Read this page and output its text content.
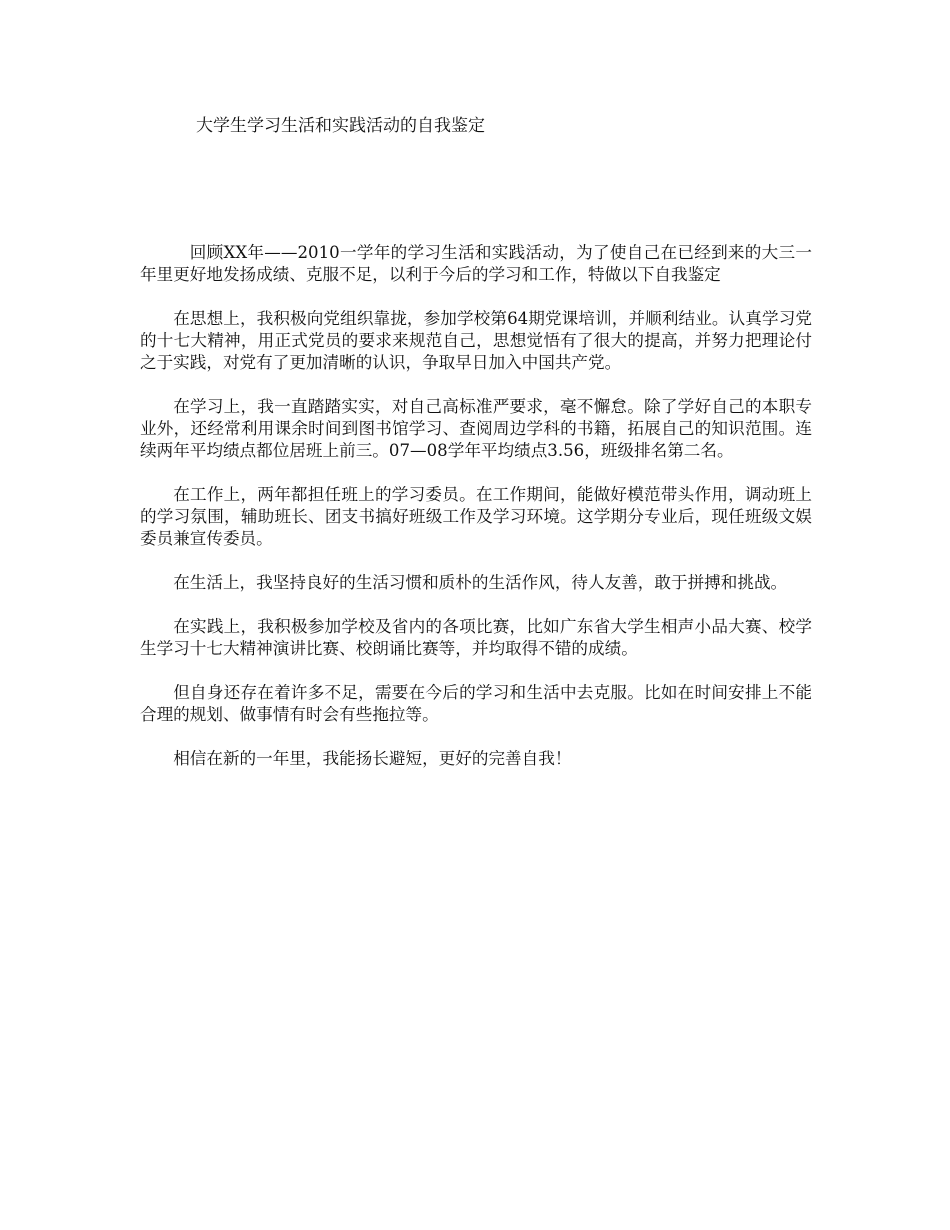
大学生学习生活和实践活动的自我鉴定

回顾XX年——2010一学年的学习生活和实践活动，为了使自己在已经到来的大三一年里更好地发扬成绩、克服不足，以利于今后的学习和工作，特做以下自我鉴定

在思想上，我积极向党组织靠拢，参加学校第64期党课培训，并顺利结业。认真学习党的十七大精神，用正式党员的要求来规范自己，思想觉悟有了很大的提高，并努力把理论付之于实践，对党有了更加清晰的认识，争取早日加入中国共产党。

在学习上，我一直踏踏实实，对自己高标准严要求，毫不懈怠。除了学好自己的本职专业外，还经常利用课余时间到图书馆学习、查阅周边学科的书籍，拓展自己的知识范围。连续两年平均绩点都位居班上前三。07—08学年平均绩点3.56，班级排名第二名。

在工作上，两年都担任班上的学习委员。在工作期间，能做好模范带头作用，调动班上的学习氛围，辅助班长、团支书搞好班级工作及学习环境。这学期分专业后，现任班级文娱委员兼宣传委员。

在生活上，我坚持良好的生活习惯和质朴的生活作风，待人友善，敢于拼搏和挑战。

在实践上，我积极参加学校及省内的各项比赛，比如广东省大学生相声小品大赛、校学生学习十七大精神演讲比赛、校朗诵比赛等，并均取得不错的成绩。

但自身还存在着许多不足，需要在今后的学习和生活中去克服。比如在时间安排上不能合理的规划、做事情有时会有些拖拉等。

相信在新的一年里，我能扬长避短，更好的完善自我！
